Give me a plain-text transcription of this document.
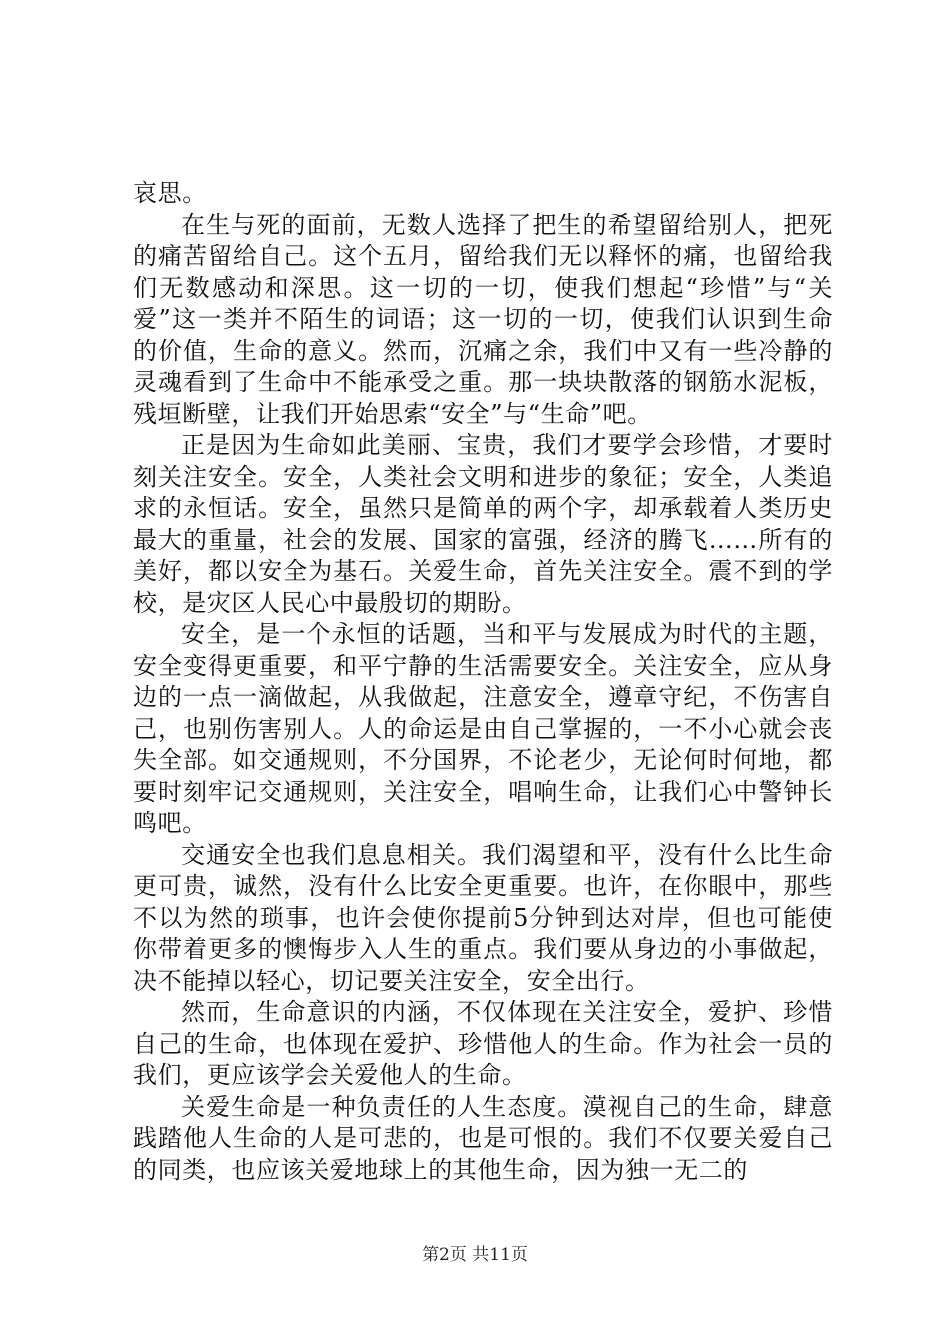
哀思。

在生与死的面前，无数人选择了把生的希望留给别人，把死的痛苦留给自己。这个五月，留给我们无以释怀的痛，也留给我们无数感动和深思。这一切的一切，使我们想起“珍惜”与“关爱”这一类并不陌生的词语；这一切的一切，使我们认识到生命的价值，生命的意义。然而，沉痛之余，我们中又有一些冷静的灵魂看到了生命中不能承受之重。那一块块散落的钢筋水泥板，残垣断壁，让我们开始思索“安全”与“生命”吧。

正是因为生命如此美丽、宝贵，我们才要学会珍惜，才要时刻关注安全。安全，人类社会文明和进步的象征；安全，人类追求的永恒话。安全，虽然只是简单的两个字，却承载着人类历史最大的重量，社会的发展、国家的富强，经济的腾飞……所有的美好，都以安全为基石。关爱生命，首先关注安全。震不到的学校，是灾区人民心中最殷切的期盼。

安全，是一个永恒的话题，当和平与发展成为时代的主题，安全变得更重要，和平宁静的生活需要安全。关注安全，应从身边的一点一滴做起，从我做起，注意安全，遵章守纪，不伤害自己，也别伤害别人。人的命运是由自己掌握的，一不小心就会丧失全部。如交通规则，不分国界，不论老少，无论何时何地，都要时刻牢记交通规则，关注安全，唱响生命，让我们心中警钟长鸣吧。

交通安全也我们息息相关。我们渴望和平，没有什么比生命更可贵，诚然，没有什么比安全更重要。也许，在你眼中，那些不以为然的琐事，也许会使你提前5分钟到达对岸，但也可能使你带着更多的懊悔步入人生的重点。我们要从身边的小事做起，决不能掉以轻心，切记要关注安全，安全出行。

然而，生命意识的内涵，不仅体现在关注安全，爱护、珍惜自己的生命，也体现在爱护、珍惜他人的生命。作为社会一员的我们，更应该学会关爱他人的生命。

关爱生命是一种负责任的人生态度。漠视自己的生命，肆意践踏他人生命的人是可悲的，也是可恨的。我们不仅要关爱自己的同类，也应该关爱地球上的其他生命，因为独一无二的

第2页 共11页
